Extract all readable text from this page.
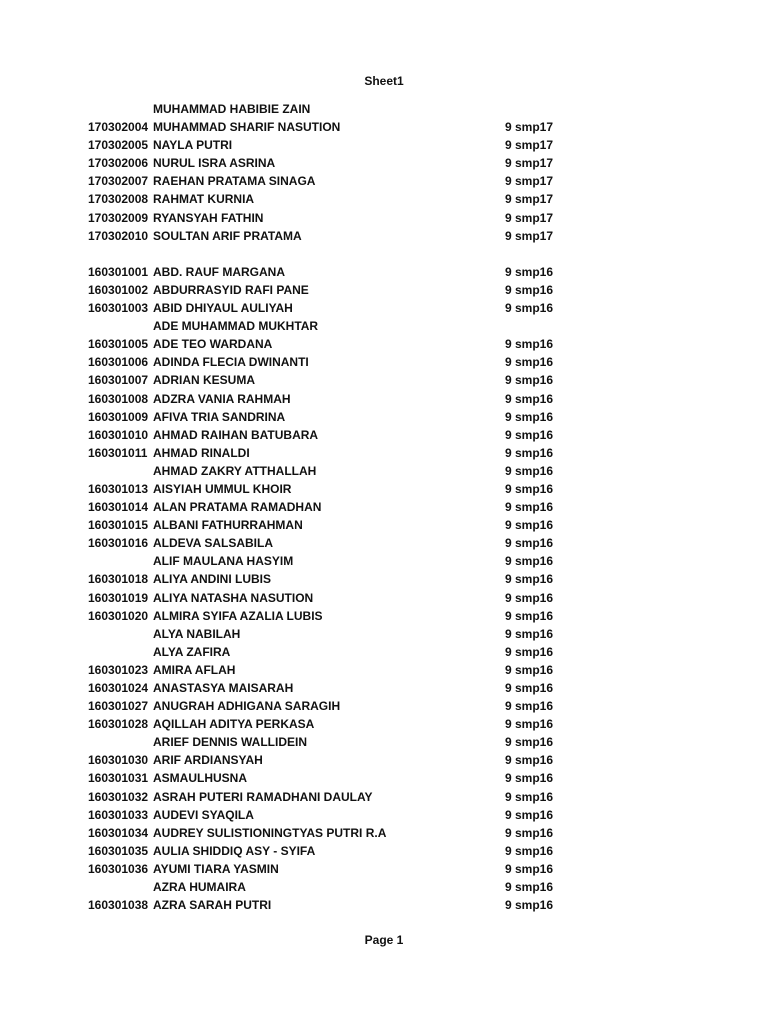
Sheet1
MUHAMMAD HABIBIE ZAIN
170302004 MUHAMMAD SHARIF NASUTION	9 smp17
170302005 NAYLA PUTRI	9 smp17
170302006 NURUL ISRA ASRINA	9 smp17
170302007 RAEHAN PRATAMA SINAGA	9 smp17
170302008 RAHMAT KURNIA	9 smp17
170302009 RYANSYAH FATHIN	9 smp17
170302010 SOULTAN ARIF PRATAMA	9 smp17
160301001 ABD. RAUF MARGANA	9 smp16
160301002 ABDURRASYID RAFI PANE	9 smp16
160301003 ABID DHIYAUL AULIYAH	9 smp16
ADE MUHAMMAD MUKHTAR
160301005 ADE TEO WARDANA	9 smp16
160301006 ADINDA FLECIA DWINANTI	9 smp16
160301007 ADRIAN KESUMA	9 smp16
160301008 ADZRA VANIA RAHMAH	9 smp16
160301009 AFIVA TRIA SANDRINA	9 smp16
160301010 AHMAD RAIHAN BATUBARA	9 smp16
160301011 AHMAD RINALDI	9 smp16
AHMAD ZAKRY ATTHALLAH	9 smp16
160301013 AISYIAH UMMUL KHOIR	9 smp16
160301014 ALAN PRATAMA RAMADHAN	9 smp16
160301015 ALBANI FATHURRAHMAN	9 smp16
160301016 ALDEVA SALSABILA	9 smp16
ALIF MAULANA HASYIM	9 smp16
160301018 ALIYA ANDINI LUBIS	9 smp16
160301019 ALIYA NATASHA NASUTION	9 smp16
160301020 ALMIRA SYIFA AZALIA LUBIS	9 smp16
ALYA NABILAH	9 smp16
ALYA ZAFIRA	9 smp16
160301023 AMIRA AFLAH	9 smp16
160301024 ANASTASYA MAISARAH	9 smp16
160301027 ANUGRAH ADHIGANA SARAGIH	9 smp16
160301028 AQILLAH ADITYA PERKASA	9 smp16
ARIEF DENNIS WALLIDEIN	9 smp16
160301030 ARIF ARDIANSYAH	9 smp16
160301031 ASMAULHUSNA	9 smp16
160301032 ASRAH PUTERI RAMADHANI DAULAY	9 smp16
160301033 AUDEVI SYAQILA	9 smp16
160301034 AUDREY SULISTIONINGTYAS PUTRI R.A	9 smp16
160301035 AULIA SHIDDIQ ASY - SYIFA	9 smp16
160301036 AYUMI TIARA YASMIN	9 smp16
AZRA HUMAIRA	9 smp16
160301038 AZRA SARAH PUTRI	9 smp16
Page 1
